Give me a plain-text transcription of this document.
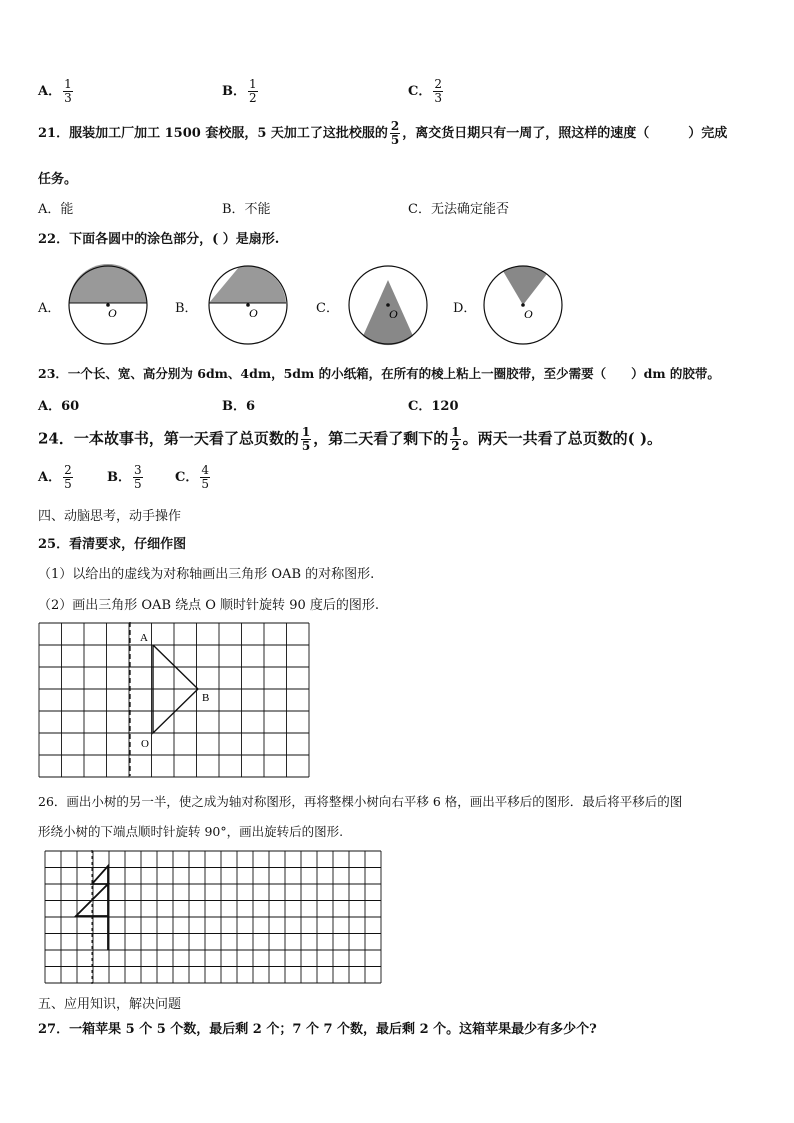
A． $\frac{1}{3}$	B． $\frac{1}{2}$	C． $\frac{2}{3}$
21．服装加工厂加工 1500 套校服，5 天加工了这批校服的 $\frac{2}{5}$ ，离交货日期只有一周了，照这样的速度（　　　）完成
任务。
A．能	B．不能	C．无法确定能否
22．下面各圆中的涂色部分，( ）是扇形.
A．	B．	C．	D．
O	O	O	O
23．一个长、宽、高分别为 6dm、4dm，5dm 的小纸箱，在所有的棱上粘上一圈胶带，至少需要（　　）dm 的胶带。
A．60	B．6	C．120
24．一本故事书，第一天看了总页数的 $\frac{1}{5}$ ，第二天看了剩下的 $\frac{1}{2}$ 。两天一共看了总页数的( )。
A． $\frac{2}{5}$	B． $\frac{3}{5}$ C． $\frac{4}{5}$
四、动脑思考，动手操作
25．看清要求，仔细作图
（1）以给出的虚线为对称轴画出三角形 OAB 的对称图形.
（2）画出三角形 OAB 绕点 O 顺时针旋转 90 度后的图形.
A
B
O
26．画出小树的另一半，使之成为轴对称图形，再将整棵小树向右平移 6 格，画出平移后的图形．最后将平移后的图
形绕小树的下端点顺时针旋转 90°，画出旋转后的图形.
五、应用知识，解决问题
27．一箱苹果 5 个 5 个数，最后剩 2 个；7 个 7 个数，最后剩 2 个。这箱苹果最少有多少个?
